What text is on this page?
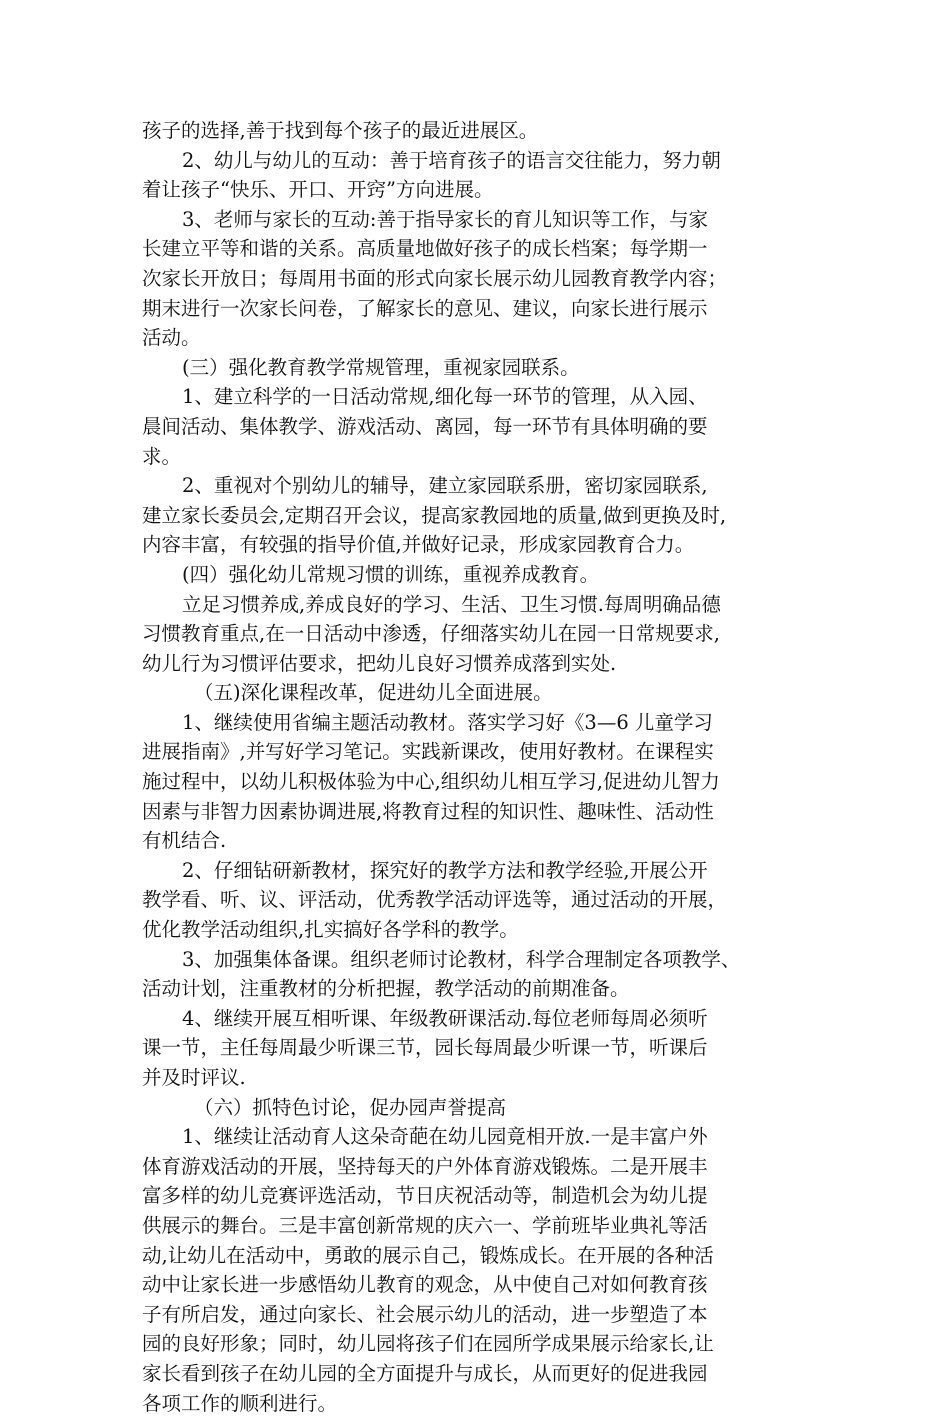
孩子的选择,善于找到每个孩子的最近进展区。
2、幼儿与幼儿的互动：善于培育孩子的语言交往能力，努力朝
着让孩子“快乐、开口、开窍”方向进展。
3、老师与家长的互动:善于指导家长的育儿知识等工作，与家
长建立平等和谐的关系。高质量地做好孩子的成长档案；每学期一
次家长开放日；每周用书面的形式向家长展示幼儿园教育教学内容；
期末进行一次家长问卷，了解家长的意见、建议，向家长进行展示
活动。
(三）强化教育教学常规管理，重视家园联系。
1、建立科学的一日活动常规,细化每一环节的管理，从入园、
晨间活动、集体教学、游戏活动、离园，每一环节有具体明确的要
求。
2、重视对个别幼儿的辅导，建立家园联系册，密切家园联系,
建立家长委员会,定期召开会议，提高家教园地的质量,做到更换及时,
内容丰富，有较强的指导价值,并做好记录，形成家园教育合力。
(四）强化幼儿常规习惯的训练，重视养成教育。
立足习惯养成,养成良好的学习、生活、卫生习惯.每周明确品德
习惯教育重点,在一日活动中渗透，仔细落实幼儿在园一日常规要求,
幼儿行为习惯评估要求，把幼儿良好习惯养成落到实处.
（五)深化课程改革，促进幼儿全面进展。
1、继续使用省编主题活动教材。落实学习好《3—6 儿童学习
进展指南》,并写好学习笔记。实践新课改，使用好教材。在课程实
施过程中，以幼儿积极体验为中心,组织幼儿相互学习,促进幼儿智力
因素与非智力因素协调进展,将教育过程的知识性、趣味性、活动性
有机结合.
2、仔细钻研新教材，探究好的教学方法和教学经验,开展公开
教学看、听、议、评活动，优秀教学活动评选等，通过活动的开展，
优化教学活动组织,扎实搞好各学科的教学。
3、加强集体备课。组织老师讨论教材，科学合理制定各项教学、
活动计划，注重教材的分析把握，教学活动的前期准备。
4、继续开展互相听课、年级教研课活动.每位老师每周必须听
课一节，主任每周最少听课三节，园长每周最少听课一节，听课后
并及时评议.
（六）抓特色讨论，促办园声誉提高
1、继续让活动育人这朵奇葩在幼儿园竟相开放.一是丰富户外
体育游戏活动的开展，坚持每天的户外体育游戏锻炼。二是开展丰
富多样的幼儿竞赛评选活动，节日庆祝活动等，制造机会为幼儿提
供展示的舞台。三是丰富创新常规的庆六一、学前班毕业典礼等活
动,让幼儿在活动中，勇敢的展示自己，锻炼成长。在开展的各种活
动中让家长进一步感悟幼儿教育的观念，从中使自己对如何教育孩
子有所启发，通过向家长、社会展示幼儿的活动，进一步塑造了本
园的良好形象；同时，幼儿园将孩子们在园所学成果展示给家长,让
家长看到孩子在幼儿园的全方面提升与成长，从而更好的促进我园
各项工作的顺利进行。
